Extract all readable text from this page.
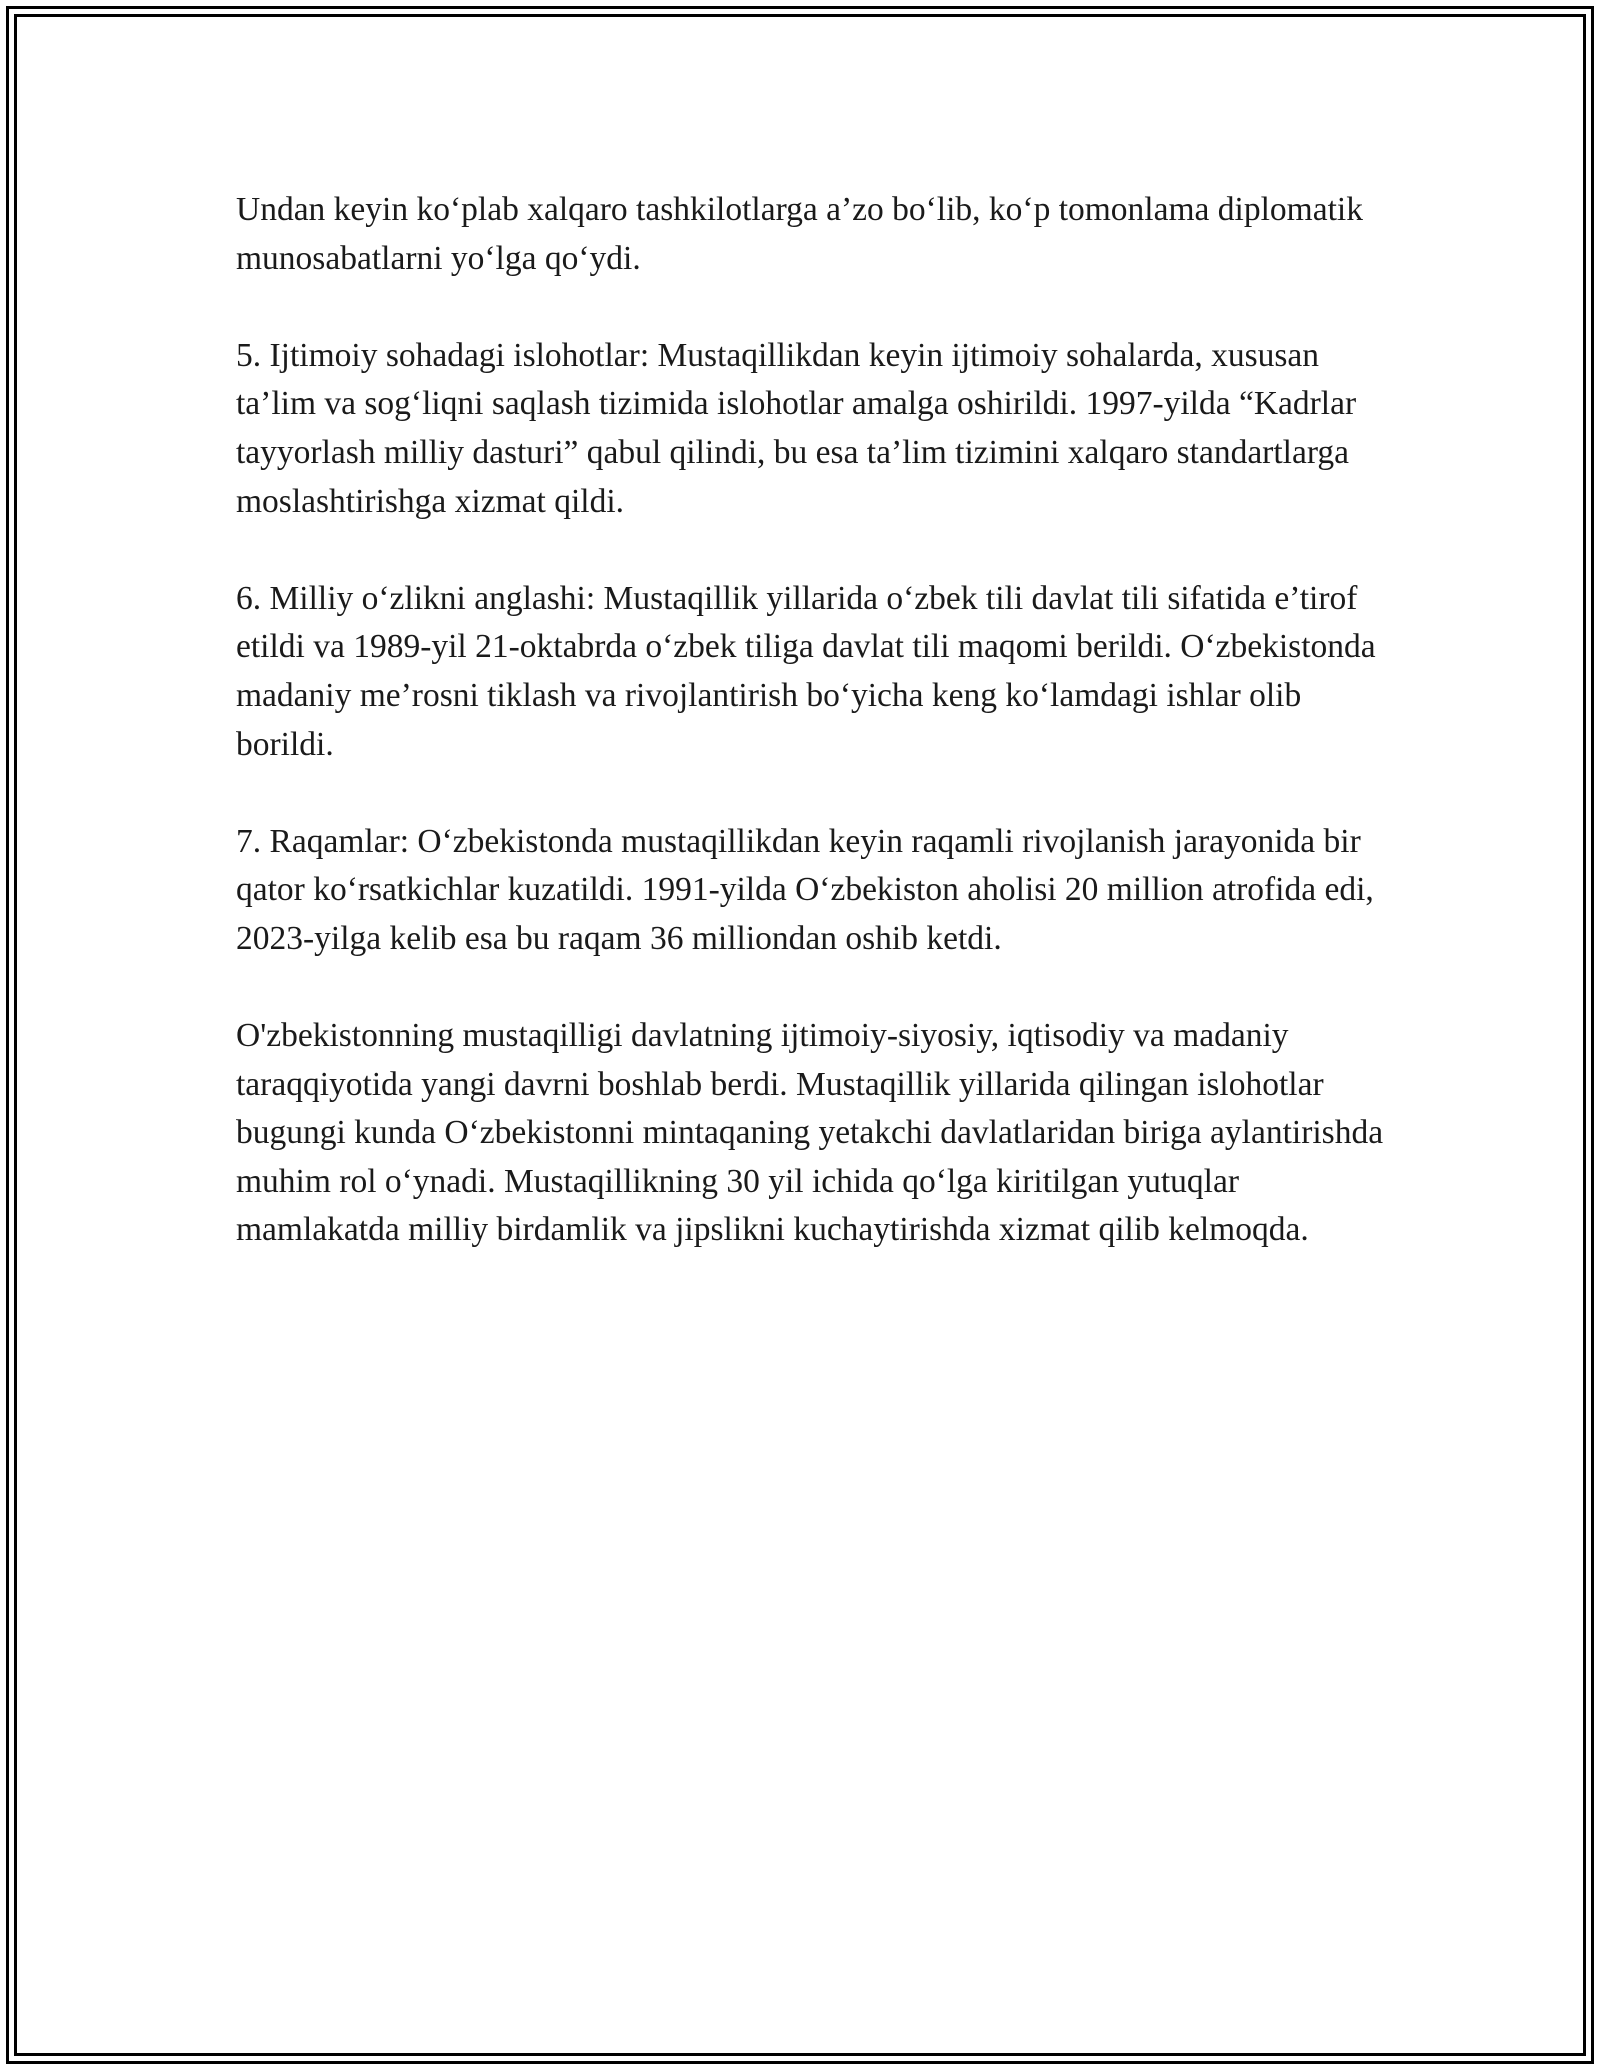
Undan keyin ko‘plab xalqaro tashkilotlarga a’zo bo‘lib, ko‘p tomonlama diplomatik munosabatlarni yo‘lga qo‘ydi.

5. Ijtimoiy sohadagi islohotlar: Mustaqillikdan keyin ijtimoiy sohalarda, xususan ta’lim va sog‘liqni saqlash tizimida islohotlar amalga oshirildi. 1997-yilda “Kadrlar tayyorlash milliy dasturi” qabul qilindi, bu esa ta’lim tizimini xalqaro standartlarga moslashtirishga xizmat qildi.

6. Milliy o‘zlikni anglashi: Mustaqillik yillarida o‘zbek tili davlat tili sifatida e’tirof etildi va 1989-yil 21-oktabrda o‘zbek tiliga davlat tili maqomi berildi. O‘zbekistonda madaniy me’rosni tiklash va rivojlantirish bo‘yicha keng ko‘lamdagi ishlar olib borildi.

7. Raqamlar: O‘zbekistonda mustaqillikdan keyin raqamli rivojlanish jarayonida bir qator ko‘rsatkichlar kuzatildi. 1991-yilda O‘zbekiston aholisi 20 million atrofida edi, 2023-yilga kelib esa bu raqam 36 milliondan oshib ketdi.

O'zbekistonning mustaqilligi davlatning ijtimoiy-siyosiy, iqtisodiy va madaniy taraqqiyotida yangi davrni boshlab berdi. Mustaqillik yillarida qilingan islohotlar bugungi kunda O‘zbekistonni mintaqaning yetakchi davlatlaridan biriga aylantirishda muhim rol o‘ynadi. Mustaqillikning 30 yil ichida qo‘lga kiritilgan yutuqlar mamlakatda milliy birdamlik va jipslikni kuchaytirishda xizmat qilib kelmoqda.
